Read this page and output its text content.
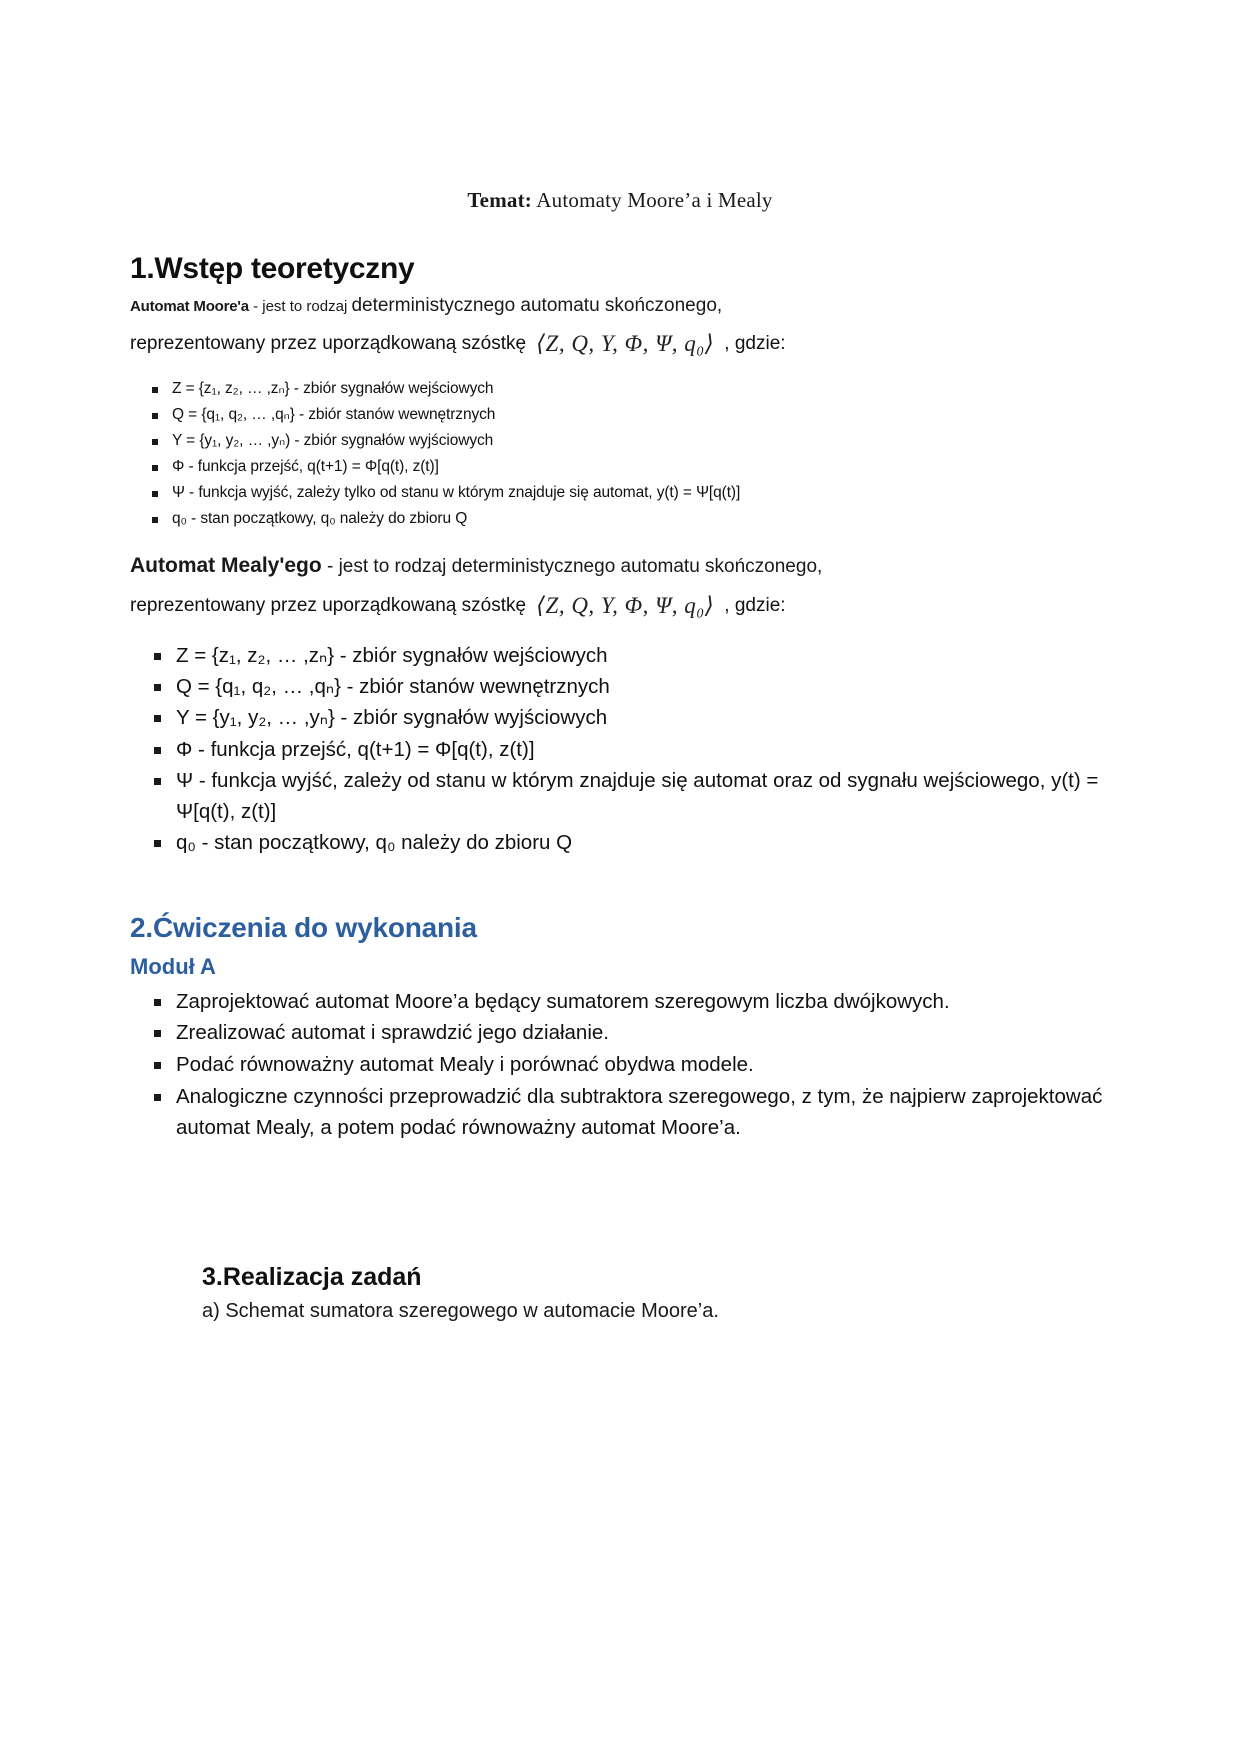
Temat: Automaty Moore’a i Mealy
1.Wstęp teoretyczny

Automat Moore'a - jest to rodzaj deterministycznego automatu skończonego,

reprezentowany przez uporządkowaną szóstkę ⟨Z, Q, Y, Φ, Ψ, q₀⟩ , gdzie:
Z = {z₁, z₂, … ,zₙ} - zbiór sygnałów wejściowych
Q = {q₁, q₂, … ,qₙ} - zbiór stanów wewnętrznych
Y = {y₁, y₂, … ,yₙ) - zbiór sygnałów wyjściowych
Φ - funkcja przejść, q(t+1) = Φ[q(t), z(t)]
Ψ - funkcja wyjść, zależy tylko od stanu w którym znajduje się automat, y(t) = Ψ[q(t)]
q₀ - stan początkowy, q₀ należy do zbioru Q

Automat Mealy'ego - jest to rodzaj deterministycznego automatu skończonego,

reprezentowany przez uporządkowaną szóstkę ⟨Z, Q, Y, Φ, Ψ, q₀⟩ , gdzie:
Z = {z₁, z₂, … ,zₙ} - zbiór sygnałów wejściowych
Q = {q₁, q₂, … ,qₙ} - zbiór stanów wewnętrznych
Y = {y₁, y₂, … ,yₙ} - zbiór sygnałów wyjściowych
Φ - funkcja przejść, q(t+1) = Φ[q(t), z(t)]
Ψ - funkcja wyjść, zależy od stanu w którym znajduje się automat oraz od sygnału wejściowego, y(t) = Ψ[q(t), z(t)]
q₀ - stan początkowy, q₀ należy do zbioru Q
2.Ćwiczenia do wykonania
Moduł A
Zaprojektować automat Moore’a będący sumatorem szeregowym liczba dwójkowych.
Zrealizować automat i sprawdzić jego działanie.
Podać równoważny automat Mealy i porównać obydwa modele.
Analogiczne czynności przeprowadzić dla subtraktora szeregowego, z tym, że najpierw zaprojektować automat Mealy, a potem podać równoważny automat Moore’a.
3.Realizacja zadań

a) Schemat sumatora szeregowego w automacie Moore’a.
